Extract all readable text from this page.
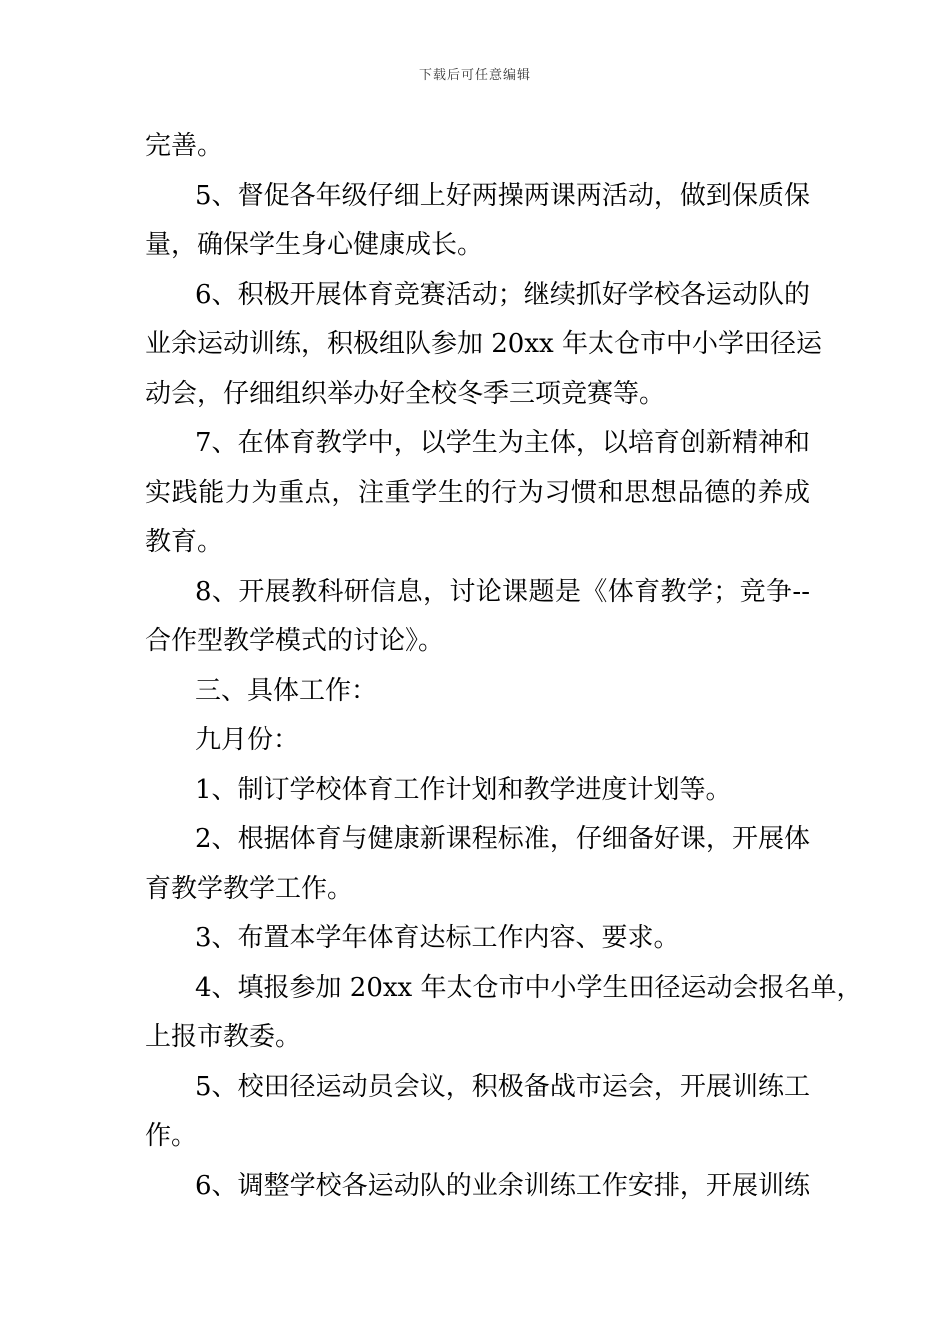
下载后可任意编辑
完善。
5、督促各年级仔细上好两操两课两活动，做到保质保
量，确保学生身心健康成长。
6、积极开展体育竞赛活动；继续抓好学校各运动队的
业余运动训练，积极组队参加 20xx 年太仓市中小学田径运
动会，仔细组织举办好全校冬季三项竞赛等。
7、在体育教学中，以学生为主体，以培育创新精神和
实践能力为重点，注重学生的行为习惯和思想品德的养成
教育。
8、开展教科研信息，讨论课题是《体育教学；竞争--
合作型教学模式的讨论》。
三、具体工作：
九月份：
1、制订学校体育工作计划和教学进度计划等。
2、根据体育与健康新课程标准，仔细备好课，开展体
育教学教学工作。
3、布置本学年体育达标工作内容、要求。
4、填报参加 20xx 年太仓市中小学生田径运动会报名单，
上报市教委。
5、校田径运动员会议，积极备战市运会，开展训练工
作。
6、调整学校各运动队的业余训练工作安排，开展训练
